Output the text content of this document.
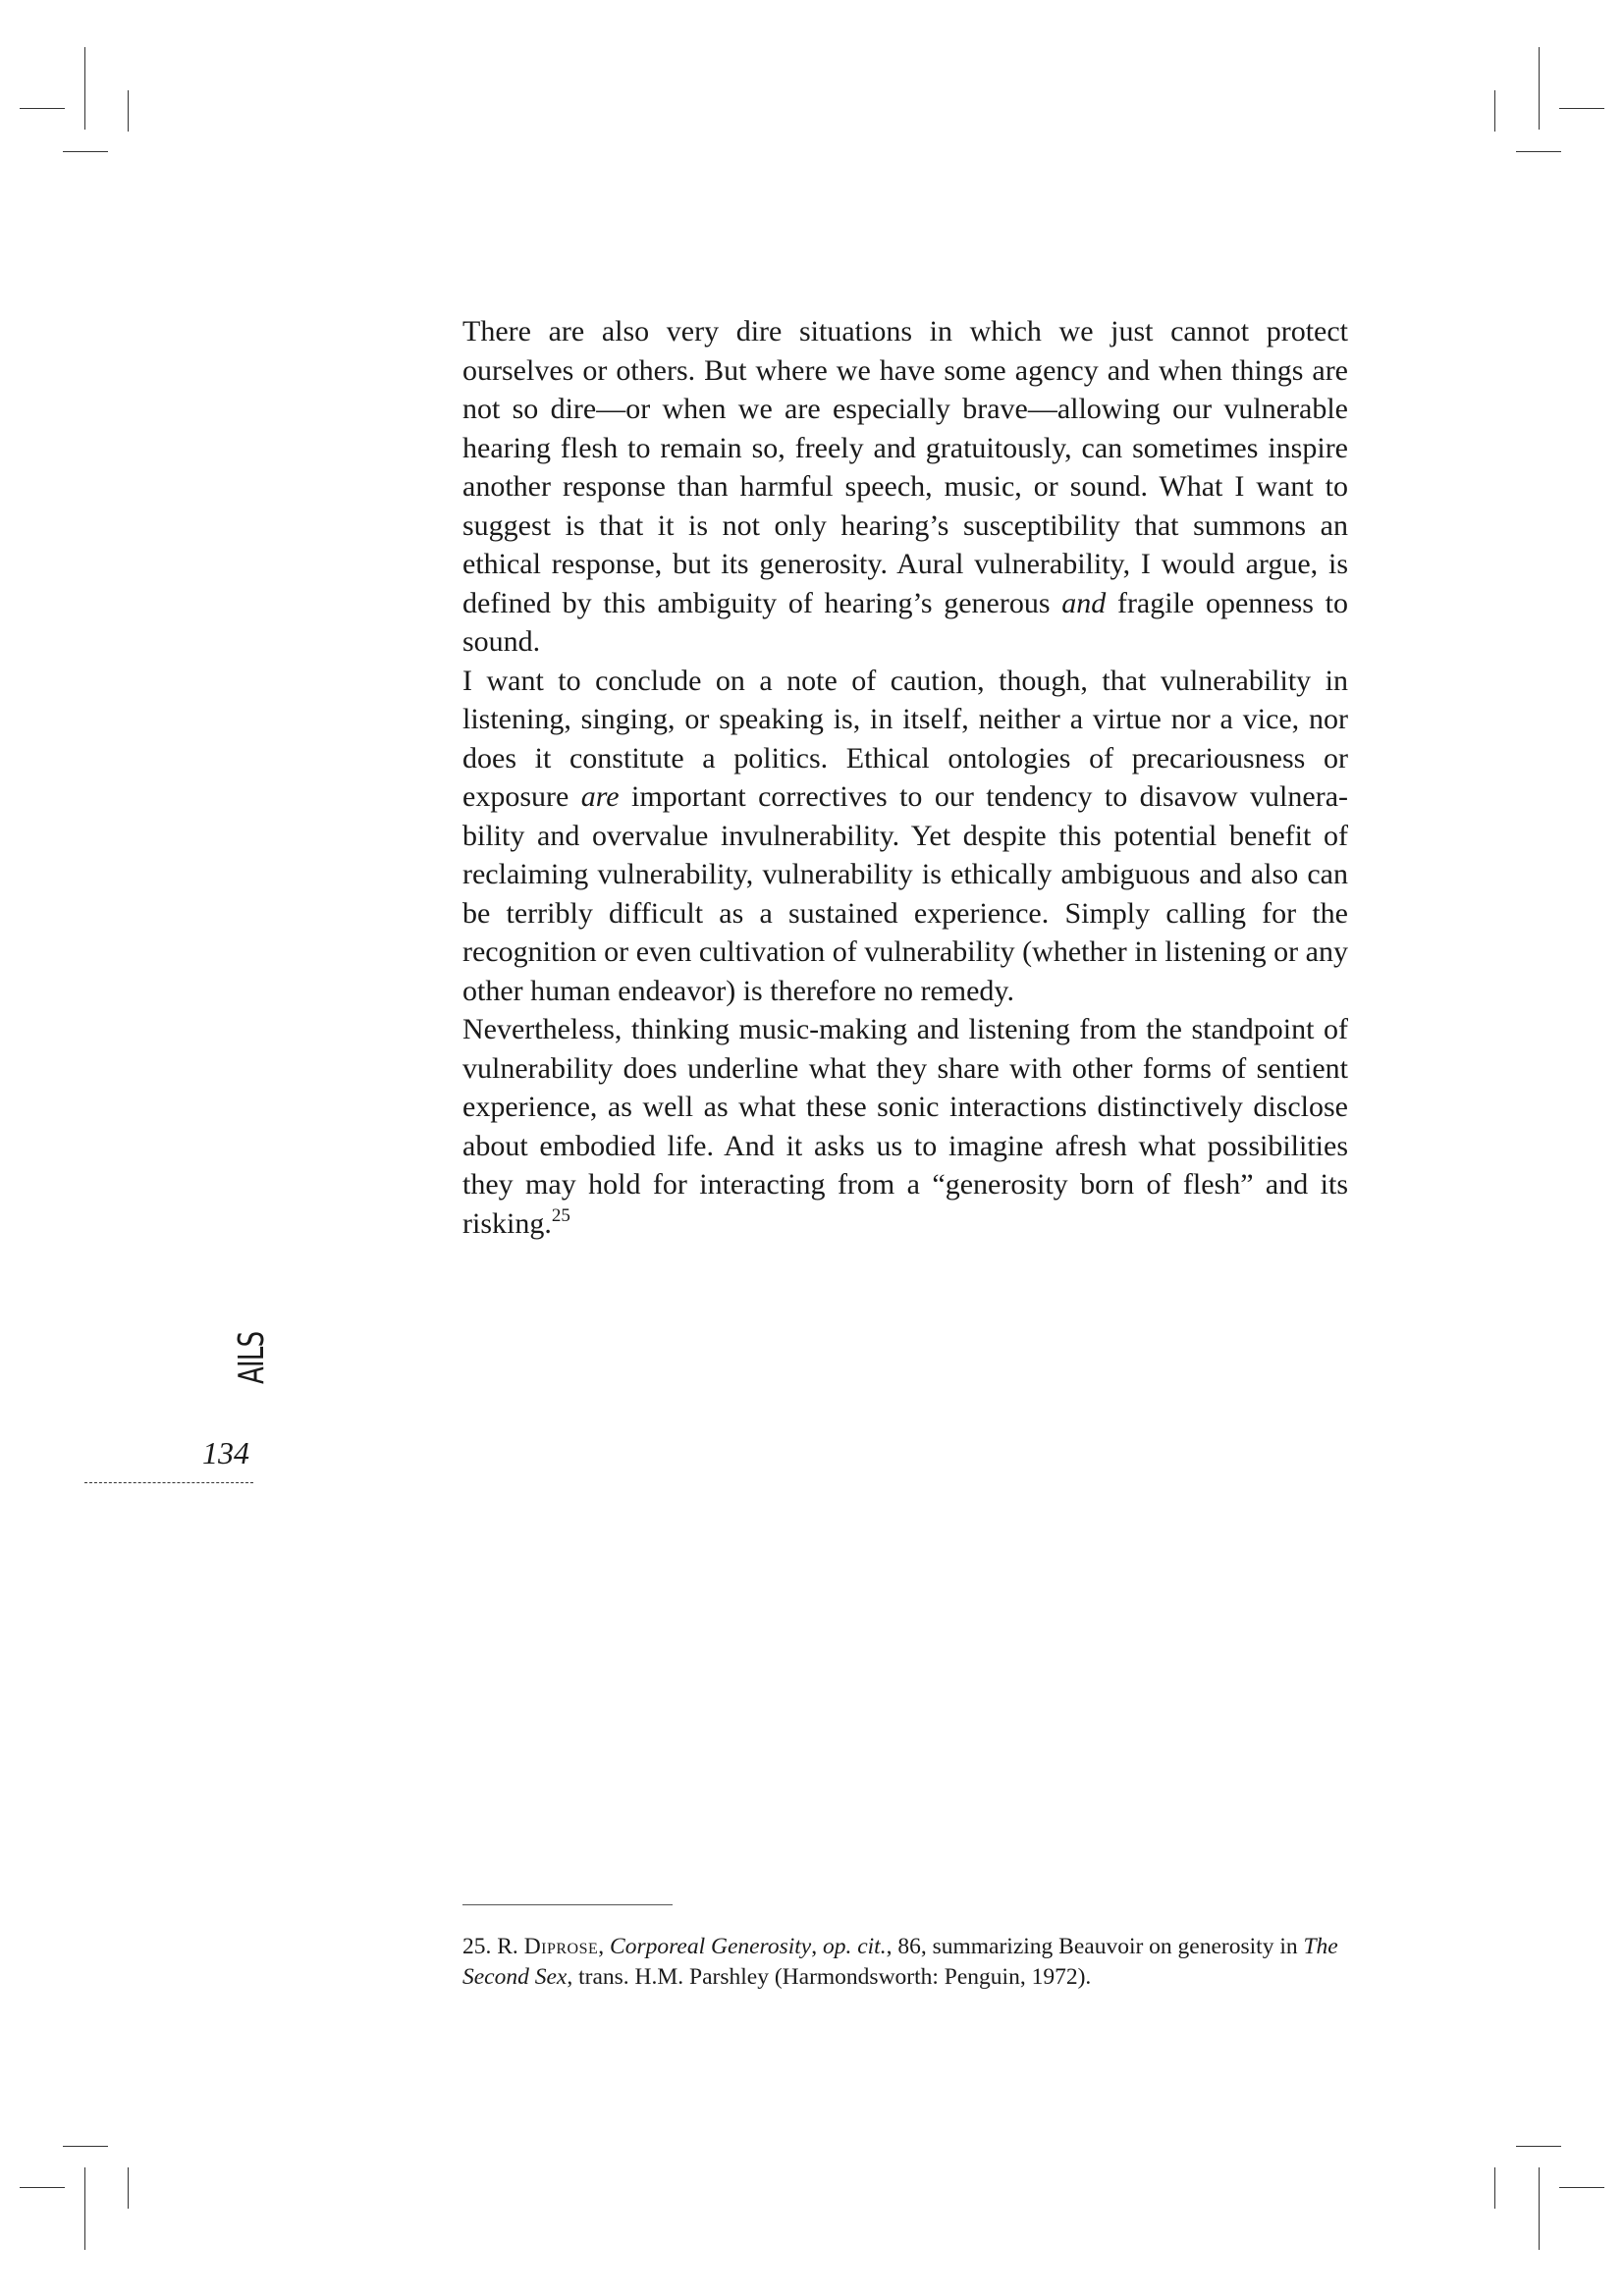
There are also very dire situations in which we just cannot protect ourselves or others. But where we have some agency and when things are not so dire—or when we are especially brave—allowing our vulnerable hearing flesh to remain so, freely and gratuitously, can sometimes inspire another response than harmful speech, music, or sound. What I want to suggest is that it is not only hearing’s susceptibility that summons an ethical response, but its generosity. Aural vulnerability, I would argue, is defined by this ambiguity of hearing’s generous and fragile openness to sound.

I want to conclude on a note of caution, though, that vulnerability in listening, singing, or speaking is, in itself, neither a virtue nor a vice, nor does it constitute a politics. Ethical ontologies of precariousness or exposure are important correctives to our tendency to disavow vulnerability and overvalue invulnerability. Yet despite this potential benefit of reclaiming vulnerability, vulnerability is ethically ambiguous and also can be terribly difficult as a sustained experience. Simply calling for the recognition or even cultivation of vulnerability (whether in listening or any other human endeavor) is therefore no remedy.

Nevertheless, thinking music-making and listening from the standpoint of vulnerability does underline what they share with other forms of sentient experience, as well as what these sonic interactions distinctively disclose about embodied life. And it asks us to imagine afresh what possibilities they may hold for interacting from a “generosity born of flesh” and its risking.$^{25}$

AILS
134

25. R. Diprose, Corporeal Generosity, op. cit., 86, summarizing Beauvoir on generosity in The Second Sex, trans. H.M. Parshley (Harmondsworth: Penguin, 1972).
